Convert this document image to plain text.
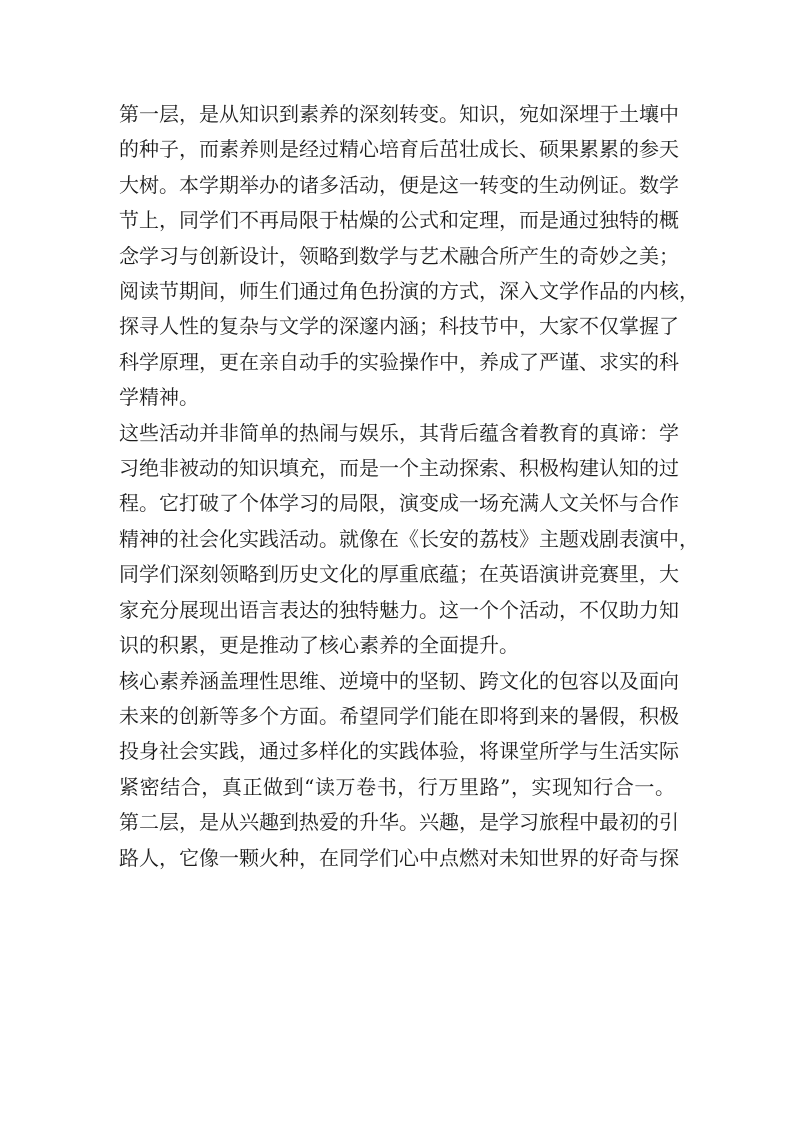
第一层，是从知识到素养的深刻转变。知识，宛如深埋于土壤中
的种子，而素养则是经过精心培育后茁壮成长、硕果累累的参天
大树。本学期举办的诸多活动，便是这一转变的生动例证。数学
节上，同学们不再局限于枯燥的公式和定理，而是通过独特的概
念学习与创新设计，领略到数学与艺术融合所产生的奇妙之美；
阅读节期间，师生们通过角色扮演的方式，深入文学作品的内核，
探寻人性的复杂与文学的深邃内涵；科技节中，大家不仅掌握了
科学原理，更在亲自动手的实验操作中，养成了严谨、求实的科
学精神。
这些活动并非简单的热闹与娱乐，其背后蕴含着教育的真谛：学
习绝非被动的知识填充，而是一个主动探索、积极构建认知的过
程。它打破了个体学习的局限，演变成一场充满人文关怀与合作
精神的社会化实践活动。就像在《长安的荔枝》主题戏剧表演中，
同学们深刻领略到历史文化的厚重底蕴；在英语演讲竞赛里，大
家充分展现出语言表达的独特魅力。这一个个活动，不仅助力知
识的积累，更是推动了核心素养的全面提升。
核心素养涵盖理性思维、逆境中的坚韧、跨文化的包容以及面向
未来的创新等多个方面。希望同学们能在即将到来的暑假，积极
投身社会实践，通过多样化的实践体验，将课堂所学与生活实际
紧密结合，真正做到“读万卷书，行万里路”，实现知行合一。
第二层，是从兴趣到热爱的升华。兴趣，是学习旅程中最初的引
路人，它像一颗火种，在同学们心中点燃对未知世界的好奇与探
